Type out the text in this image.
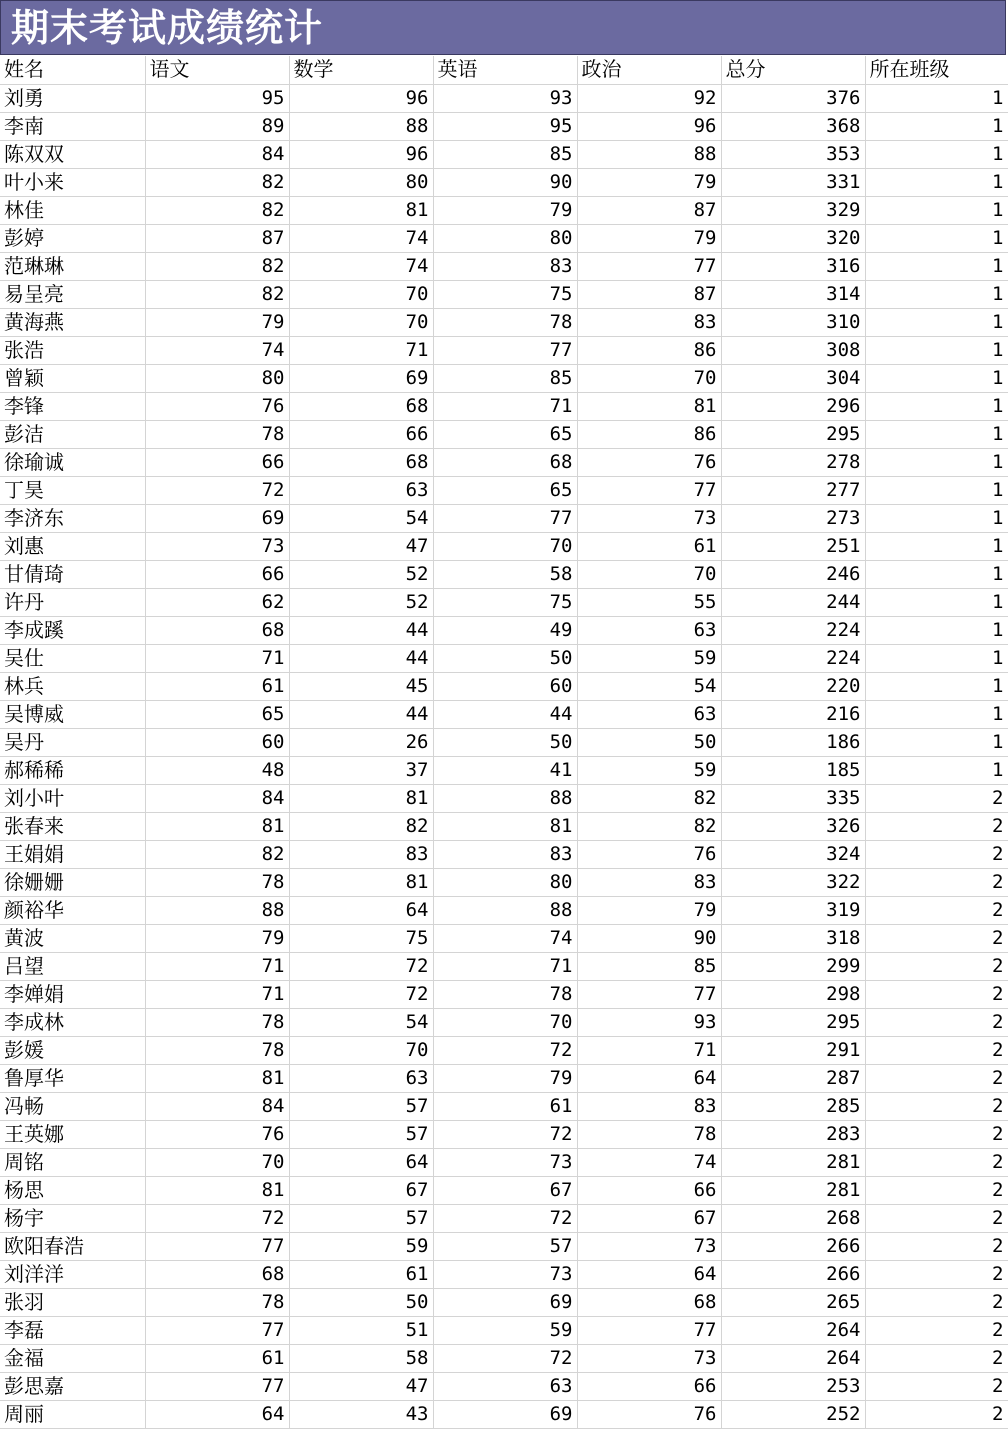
期末考试成绩统计
姓名	语文	数学	英语	政治	总分	所在班级
刘勇	95	96	93	92	376	1
李南	89	88	95	96	368	1
陈双双	84	96	85	88	353	1
叶小来	82	80	90	79	331	1
林佳	82	81	79	87	329	1
彭婷	87	74	80	79	320	1
范琳琳	82	74	83	77	316	1
易呈亮	82	70	75	87	314	1
黄海燕	79	70	78	83	310	1
张浩	74	71	77	86	308	1
曾颖	80	69	85	70	304	1
李锋	76	68	71	81	296	1
彭洁	78	66	65	86	295	1
徐瑜诚	66	68	68	76	278	1
丁昊	72	63	65	77	277	1
李济东	69	54	77	73	273	1
刘惠	73	47	70	61	251	1
甘倩琦	66	52	58	70	246	1
许丹	62	52	75	55	244	1
李成蹊	68	44	49	63	224	1
吴仕	71	44	50	59	224	1
林兵	61	45	60	54	220	1
吴博威	65	44	44	63	216	1
吴丹	60	26	50	50	186	1
郝稀稀	48	37	41	59	185	1
刘小叶	84	81	88	82	335	2
张春来	81	82	81	82	326	2
王娟娟	82	83	83	76	324	2
徐姗姗	78	81	80	83	322	2
颜裕华	88	64	88	79	319	2
黄波	79	75	74	90	318	2
吕望	71	72	71	85	299	2
李婵娟	71	72	78	77	298	2
李成林	78	54	70	93	295	2
彭媛	78	70	72	71	291	2
鲁厚华	81	63	79	64	287	2
冯畅	84	57	61	83	285	2
王英娜	76	57	72	78	283	2
周铭	70	64	73	74	281	2
杨思	81	67	67	66	281	2
杨宇	72	57	72	67	268	2
欧阳春浩	77	59	57	73	266	2
刘洋洋	68	61	73	64	266	2
张羽	78	50	69	68	265	2
李磊	77	51	59	77	264	2
金福	61	58	72	73	264	2
彭思嘉	77	47	63	66	253	2
周丽	64	43	69	76	252	2
